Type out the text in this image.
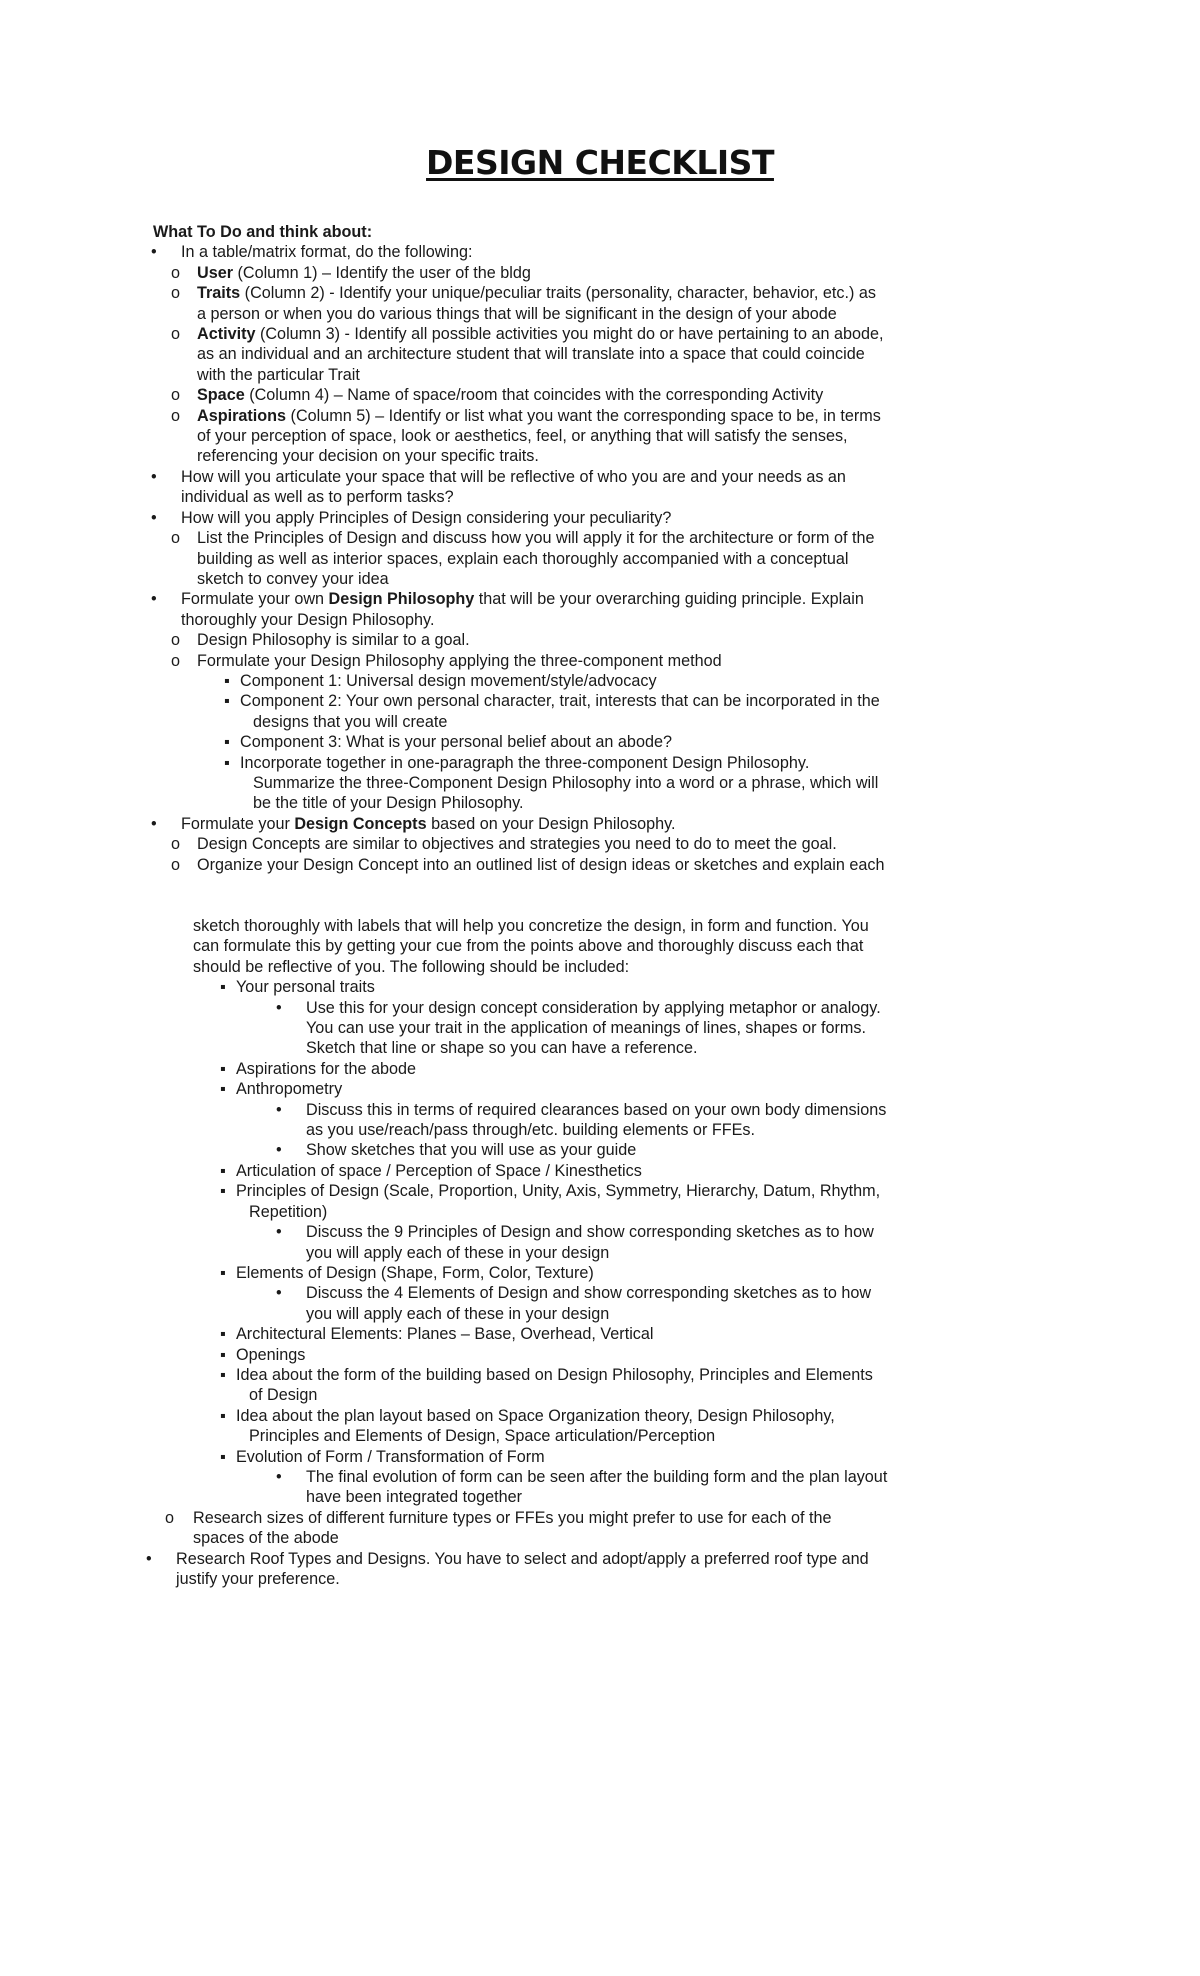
DESIGN CHECKLIST
What To Do and think about:
• In a table/matrix format, do the following:
o User (Column 1) – Identify the user of the bldg
o Traits (Column 2) - Identify your unique/peculiar traits (personality, character, behavior, etc.) as
a person or when you do various things that will be significant in the design of your abode
o Activity (Column 3) - Identify all possible activities you might do or have pertaining to an abode,
as an individual and an architecture student that will translate into a space that could coincide
with the particular Trait
o Space (Column 4) – Name of space/room that coincides with the corresponding Activity
o Aspirations (Column 5) – Identify or list what you want the corresponding space to be, in terms
of your perception of space, look or aesthetics, feel, or anything that will satisfy the senses,
referencing your decision on your specific traits.
• How will you articulate your space that will be reflective of who you are and your needs as an
individual as well as to perform tasks?
• How will you apply Principles of Design considering your peculiarity?
o List the Principles of Design and discuss how you will apply it for the architecture or form of the
building as well as interior spaces, explain each thoroughly accompanied with a conceptual
sketch to convey your idea
• Formulate your own Design Philosophy that will be your overarching guiding principle. Explain
thoroughly your Design Philosophy.
o Design Philosophy is similar to a goal.
o Formulate your Design Philosophy applying the three-component method
▪ Component 1: Universal design movement/style/advocacy
▪ Component 2: Your own personal character, trait, interests that can be incorporated in the
designs that you will create
▪ Component 3: What is your personal belief about an abode?
▪ Incorporate together in one-paragraph the three-component Design Philosophy.
Summarize the three-Component Design Philosophy into a word or a phrase, which will
be the title of your Design Philosophy.
• Formulate your Design Concepts based on your Design Philosophy.
o Design Concepts are similar to objectives and strategies you need to do to meet the goal.
o Organize your Design Concept into an outlined list of design ideas or sketches and explain each
sketch thoroughly with labels that will help you concretize the design, in form and function. You
can formulate this by getting your cue from the points above and thoroughly discuss each that
should be reflective of you. The following should be included:
▪ Your personal traits
• Use this for your design concept consideration by applying metaphor or analogy.
You can use your trait in the application of meanings of lines, shapes or forms.
Sketch that line or shape so you can have a reference.
▪ Aspirations for the abode
▪ Anthropometry
• Discuss this in terms of required clearances based on your own body dimensions
as you use/reach/pass through/etc. building elements or FFEs.
• Show sketches that you will use as your guide
▪ Articulation of space / Perception of Space / Kinesthetics
▪ Principles of Design (Scale, Proportion, Unity, Axis, Symmetry, Hierarchy, Datum, Rhythm,
Repetition)
• Discuss the 9 Principles of Design and show corresponding sketches as to how
you will apply each of these in your design
▪ Elements of Design (Shape, Form, Color, Texture)
• Discuss the 4 Elements of Design and show corresponding sketches as to how
you will apply each of these in your design
▪ Architectural Elements: Planes – Base, Overhead, Vertical
▪ Openings
▪ Idea about the form of the building based on Design Philosophy, Principles and Elements
of Design
▪ Idea about the plan layout based on Space Organization theory, Design Philosophy,
Principles and Elements of Design, Space articulation/Perception
▪ Evolution of Form / Transformation of Form
• The final evolution of form can be seen after the building form and the plan layout
have been integrated together
o Research sizes of different furniture types or FFEs you might prefer to use for each of the
spaces of the abode
• Research Roof Types and Designs. You have to select and adopt/apply a preferred roof type and
justify your preference.
